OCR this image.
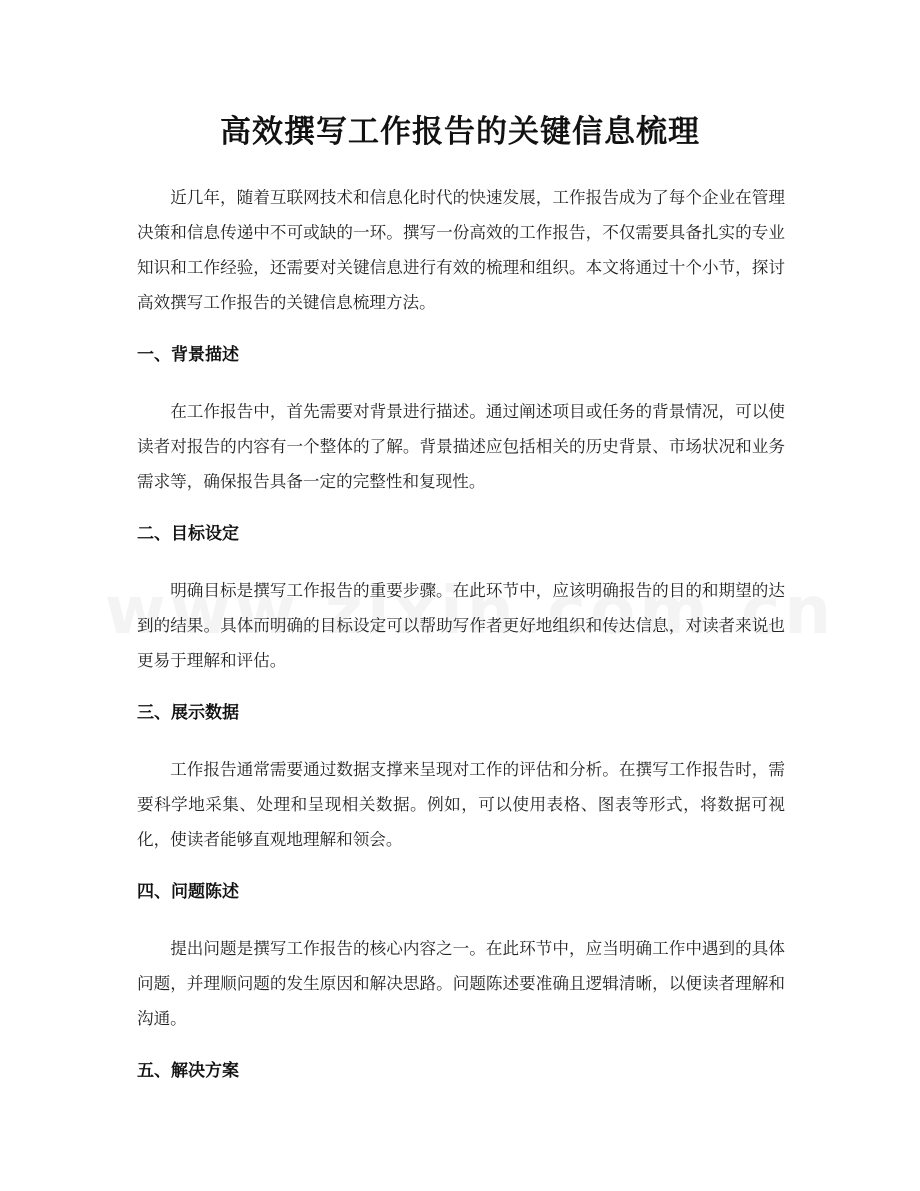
高效撰写工作报告的关键信息梳理

近几年，随着互联网技术和信息化时代的快速发展，工作报告成为了每个企业在管理决策和信息传递中不可或缺的一环。撰写一份高效的工作报告，不仅需要具备扎实的专业知识和工作经验，还需要对关键信息进行有效的梳理和组织。本文将通过十个小节，探讨高效撰写工作报告的关键信息梳理方法。

一、背景描述

在工作报告中，首先需要对背景进行描述。通过阐述项目或任务的背景情况，可以使读者对报告的内容有一个整体的了解。背景描述应包括相关的历史背景、市场状况和业务需求等，确保报告具备一定的完整性和复现性。

二、目标设定

明确目标是撰写工作报告的重要步骤。在此环节中，应该明确报告的目的和期望的达到的结果。具体而明确的目标设定可以帮助写作者更好地组织和传达信息，对读者来说也更易于理解和评估。

三、展示数据

工作报告通常需要通过数据支撑来呈现对工作的评估和分析。在撰写工作报告时，需要科学地采集、处理和呈现相关数据。例如，可以使用表格、图表等形式，将数据可视化，使读者能够直观地理解和领会。

四、问题陈述

提出问题是撰写工作报告的核心内容之一。在此环节中，应当明确工作中遇到的具体问题，并理顺问题的发生原因和解决思路。问题陈述要准确且逻辑清晰，以便读者理解和沟通。

五、解决方案
